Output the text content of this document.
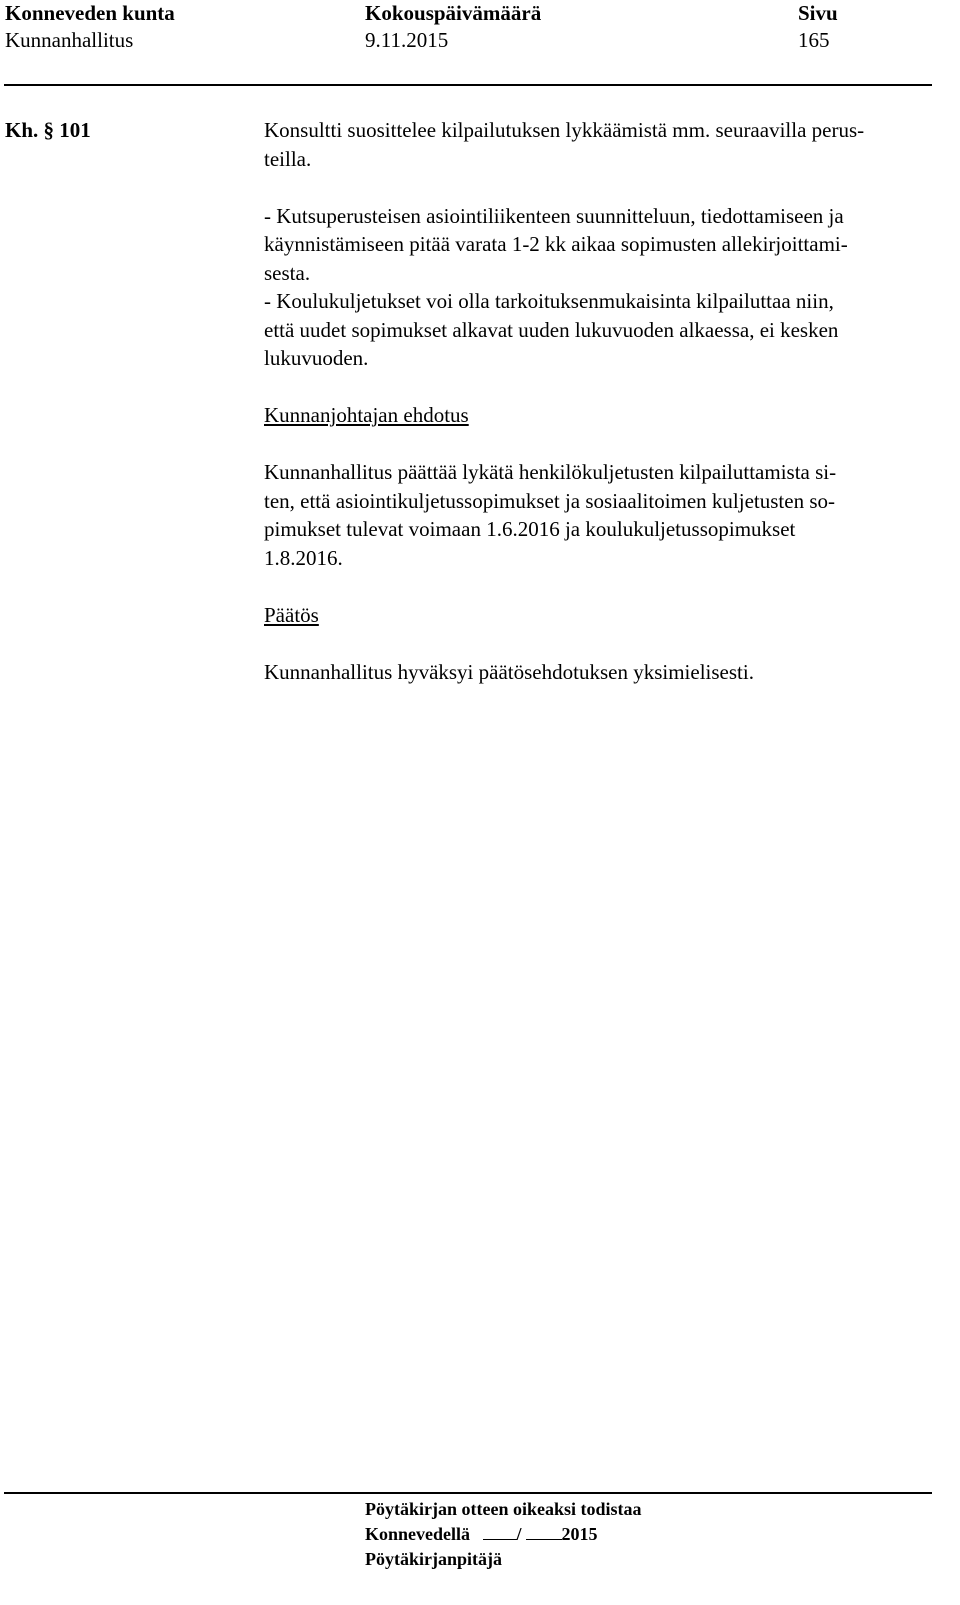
Konneveden kunta
Kunnanhallitus
Kokouspäivämäärä
9.11.2015
Sivu
165
Kh. § 101	Konsultti suosittelee kilpailutuksen lykkäämistä mm. seuraavilla perus-
teilla.

- Kutsuperusteisen asiointiliikenteen suunnitteluun, tiedottamiseen ja
käynnistämiseen pitää varata 1-2 kk aikaa sopimusten allekirjoittami-
sesta.
- Koulukuljetukset voi olla tarkoituksenmukaisinta kilpailuttaa niin,
että uudet sopimukset alkavat uuden lukuvuoden alkaessa, ei kesken
lukuvuoden.

Kunnanjohtajan ehdotus

Kunnanhallitus päättää lykätä henkilökuljetusten kilpailuttamista si-
ten, että asiointikuljetussopimukset ja sosiaalitoimen kuljetusten so-
pimukset tulevat voimaan 1.6.2016 ja koulukuljetussopimukset
1.8.2016.

Päätös

Kunnanhallitus hyväksyi päätösehdotuksen yksimielisesti.

Pöytäkirjan otteen oikeaksi todistaa
Konnevedellä	/ 2015
Pöytäkirjanpitäjä
